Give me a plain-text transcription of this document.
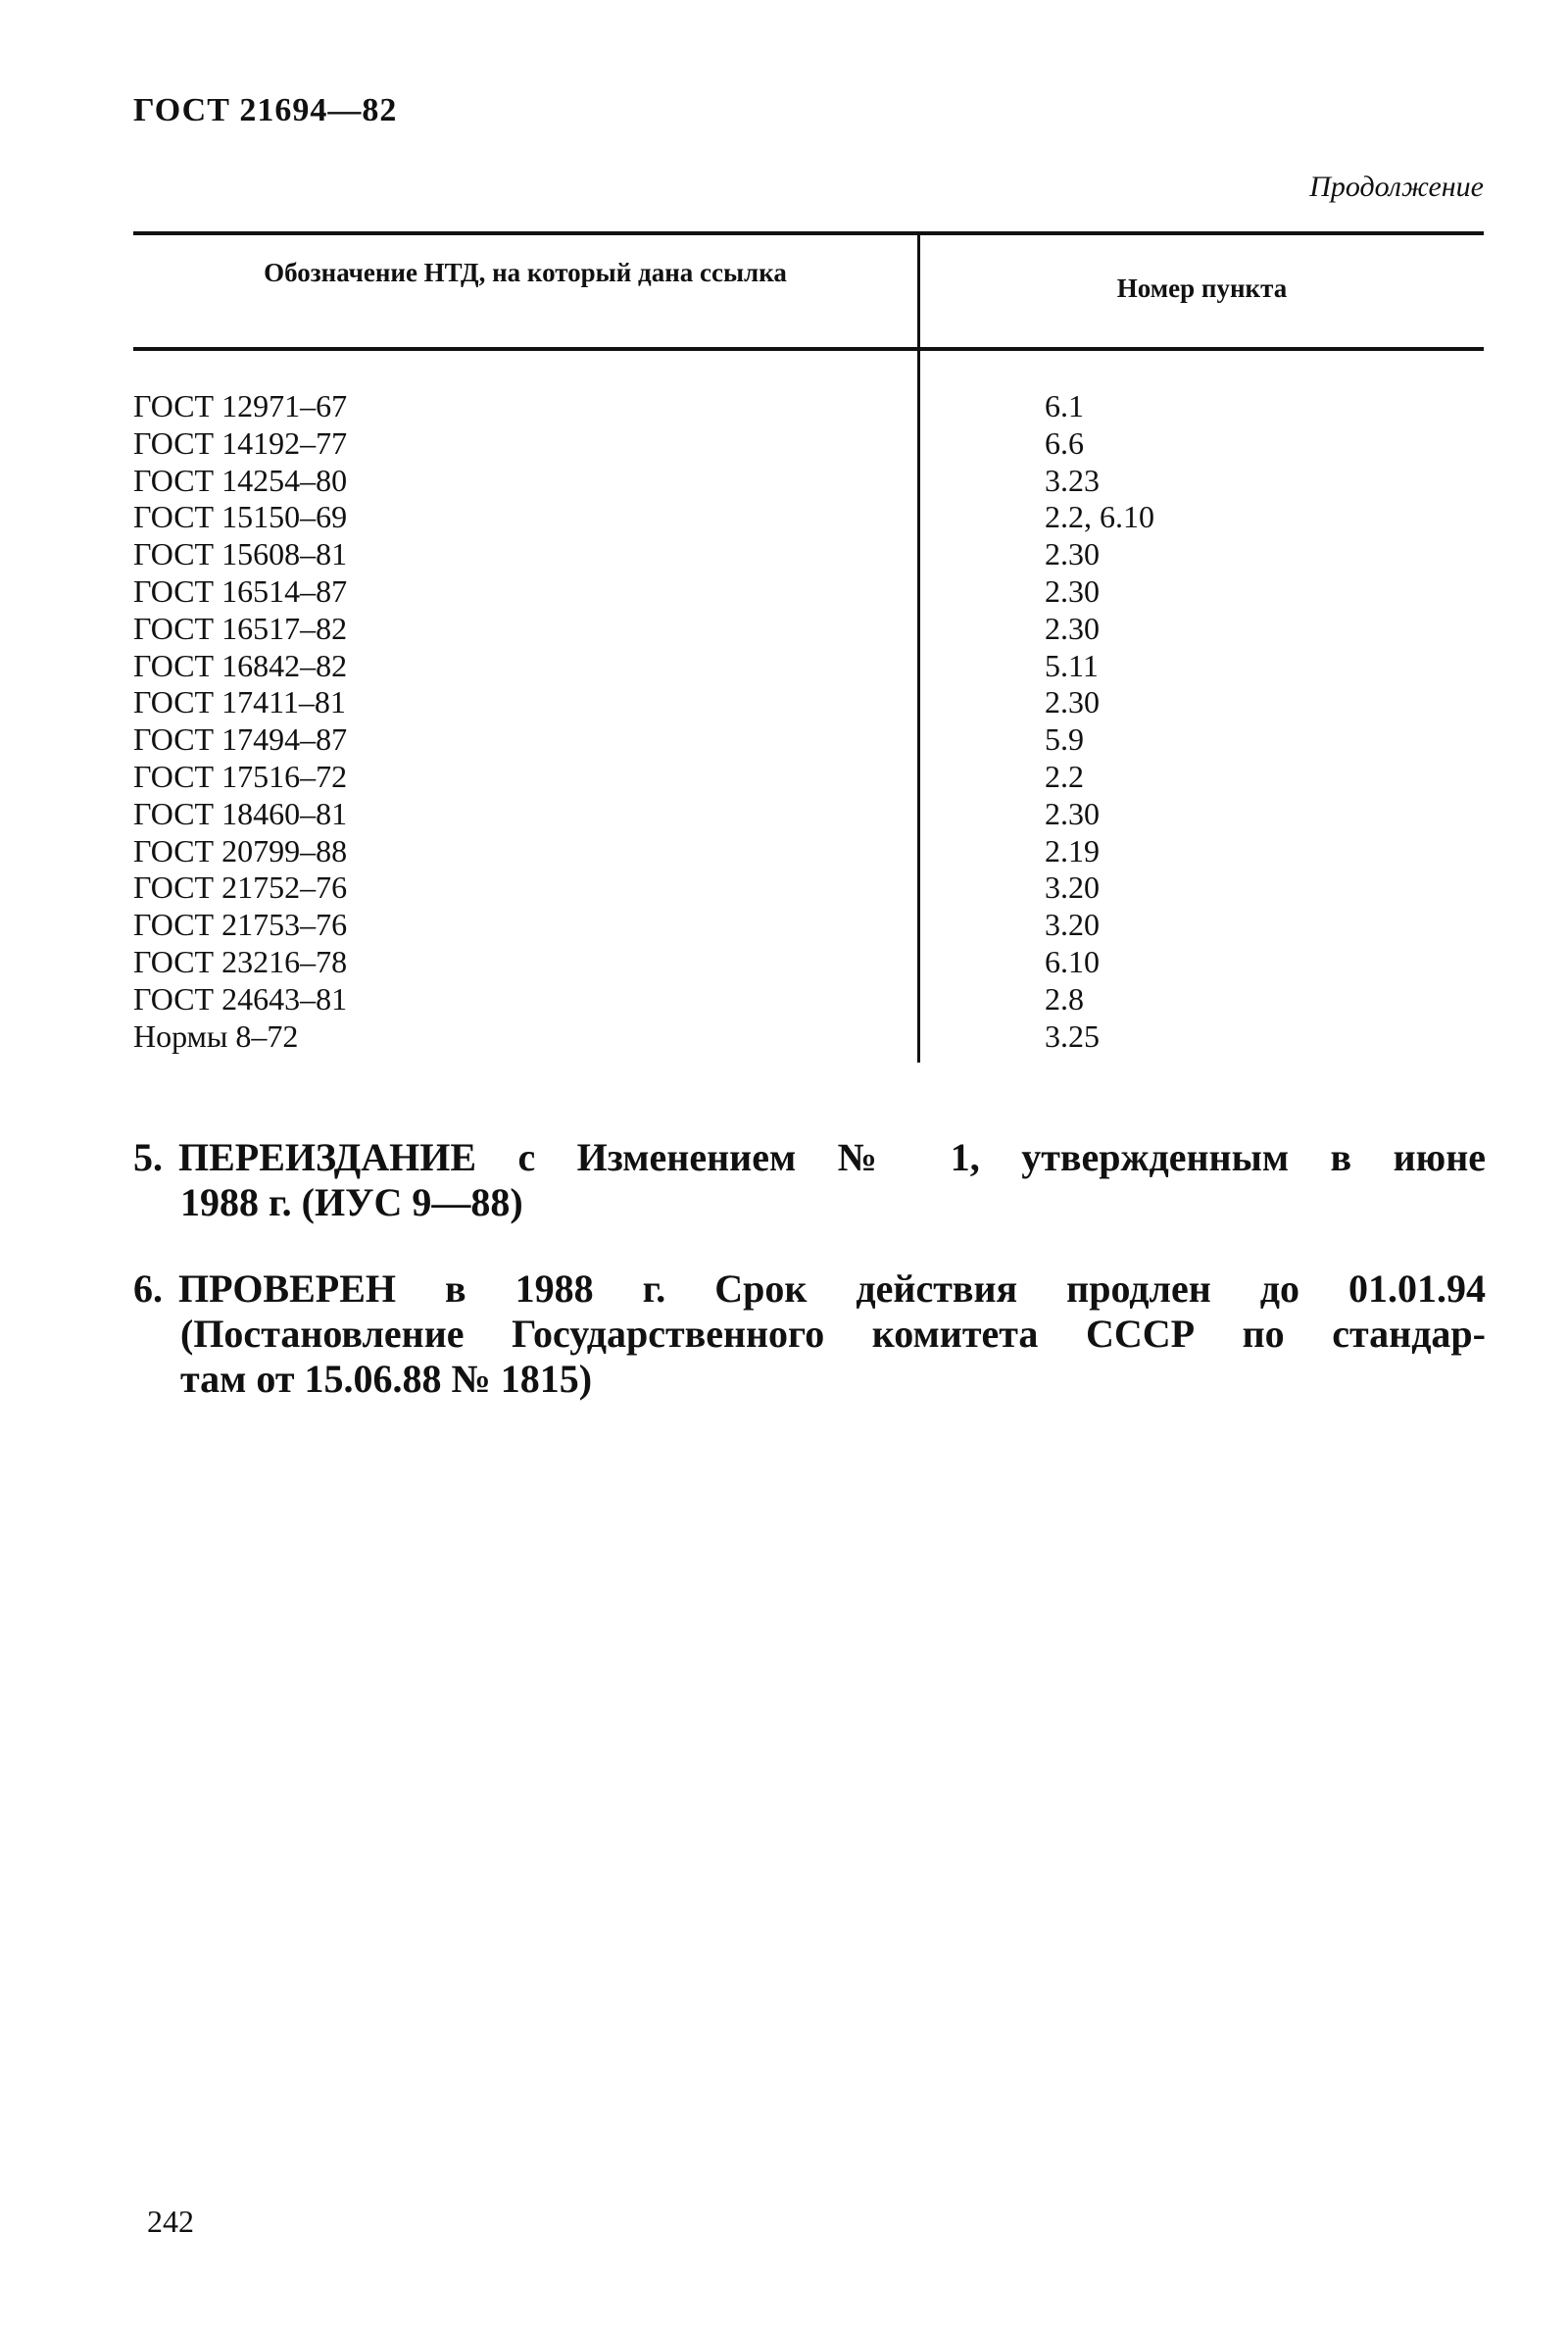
ГОСТ 21694—82
Продолжение
Обозначение НТД, на который дана ссылка
Номер пункта
ГОСТ 12971–67	6.1
ГОСТ 14192–77	6.6
ГОСТ 14254–80	3.23
ГОСТ 15150–69	2.2, 6.10
ГОСТ 15608–81	2.30
ГОСТ 16514–87	2.30
ГОСТ 16517–82	2.30
ГОСТ 16842–82	5.11
ГОСТ 17411–81	2.30
ГОСТ 17494–87	5.9
ГОСТ 17516–72	2.2
ГОСТ 18460–81	2.30
ГОСТ 20799–88	2.19
ГОСТ 21752–76	3.20
ГОСТ 21753–76	3.20
ГОСТ 23216–78	6.10
ГОСТ 24643–81	2.8
Нормы 8–72	3.25
5. ПЕРЕИЗДАНИЕ с Изменением № 1, утвержденным в июне
1988 г. (ИУС 9—88)
6. ПРОВЕРЕН в 1988 г. Срок действия продлен до 01.01.94
(Постановление Государственного комитета СССР по стандар-
там от 15.06.88 № 1815)
242
